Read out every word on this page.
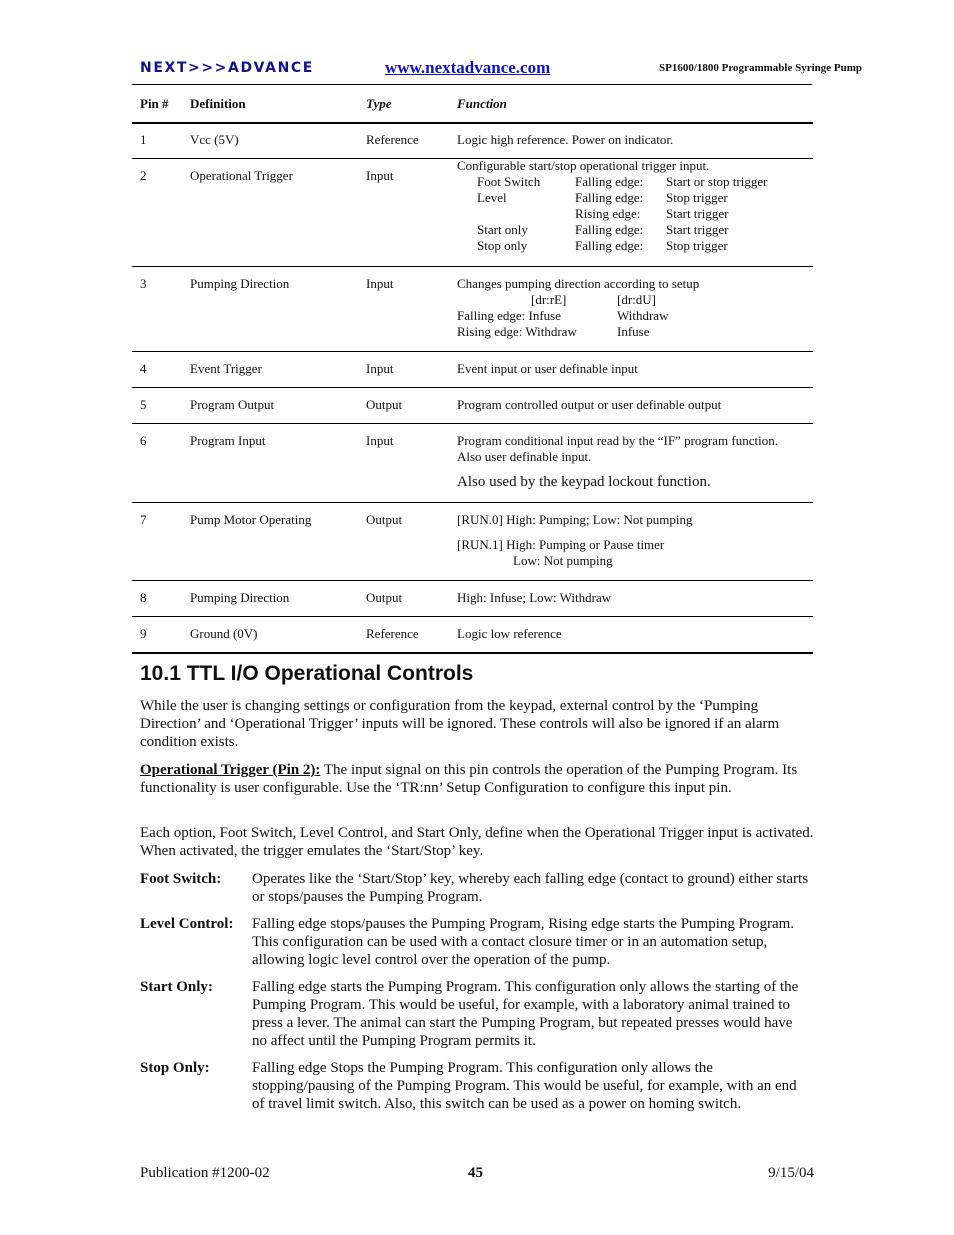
NEXT>>>ADVANCE	www.nextadvance.com	SP1600/1800 Programmable Syringe Pump
Pin # Definition	Type	Function
1	Vcc (5V)	Reference	Logic high reference. Power on indicator.
2	Operational Trigger	Input
Configurable start/stop operational trigger input.
Foot Switch	Falling edge: Start or stop trigger
Level	Falling edge: Stop trigger
Rising edge: Start trigger
Start only	Falling edge: Start trigger
Stop only	Falling edge: Stop trigger
3	Pumping Direction	Input	Changes pumping direction according to setup
[dr:rE]	[dr:dU]
Falling edge: Infuse	Withdraw
Rising edge: Withdraw	Infuse
4	Event Trigger	Input	Event input or user definable input
5	Program Output	Output	Program controlled output or user definable output
6	Program Input	Input	Program conditional input read by the “IF” program function.
Also user definable input.
Also used by the keypad lockout function.
7	Pump Motor Operating	Output	[RUN.0] High: Pumping; Low: Not pumping
[RUN.1] High: Pumping or Pause timer
Low: Not pumping
8	Pumping Direction	Output	High: Infuse; Low: Withdraw
9	Ground (0V)	Reference	Logic low reference
10.1 TTL I/O Operational Controls
While the user is changing settings or configuration from the keypad, external control by the ‘Pumping Direction’ and ‘Operational Trigger’ inputs will be ignored. These controls will also be ignored if an alarm condition exists.
Operational Trigger (Pin 2): The input signal on this pin controls the operation of the Pumping Program. Its functionality is user configurable. Use the ‘TR:nn’ Setup Configuration to configure this input pin.
Each option, Foot Switch, Level Control, and Start Only, define when the Operational Trigger input is activated. When activated, the trigger emulates the ‘Start/Stop’ key.
Foot Switch: Operates like the ‘Start/Stop’ key, whereby each falling edge (contact to ground) either starts or stops/pauses the Pumping Program.
Level Control: Falling edge stops/pauses the Pumping Program, Rising edge starts the Pumping Program. This configuration can be used with a contact closure timer or in an automation setup, allowing logic level control over the operation of the pump.
Start Only:	Falling edge starts the Pumping Program. This configuration only allows the starting of the Pumping Program. This would be useful, for example, with a laboratory animal trained to press a lever. The animal can start the Pumping Program, but repeated presses would have no affect until the Pumping Program permits it.
Stop Only:	Falling edge Stops the Pumping Program. This configuration only allows the stopping/pausing of the Pumping Program. This would be useful, for example, with an end of travel limit switch. Also, this switch can be used as a power on homing switch.
Publication #1200-02	45	9/15/04
